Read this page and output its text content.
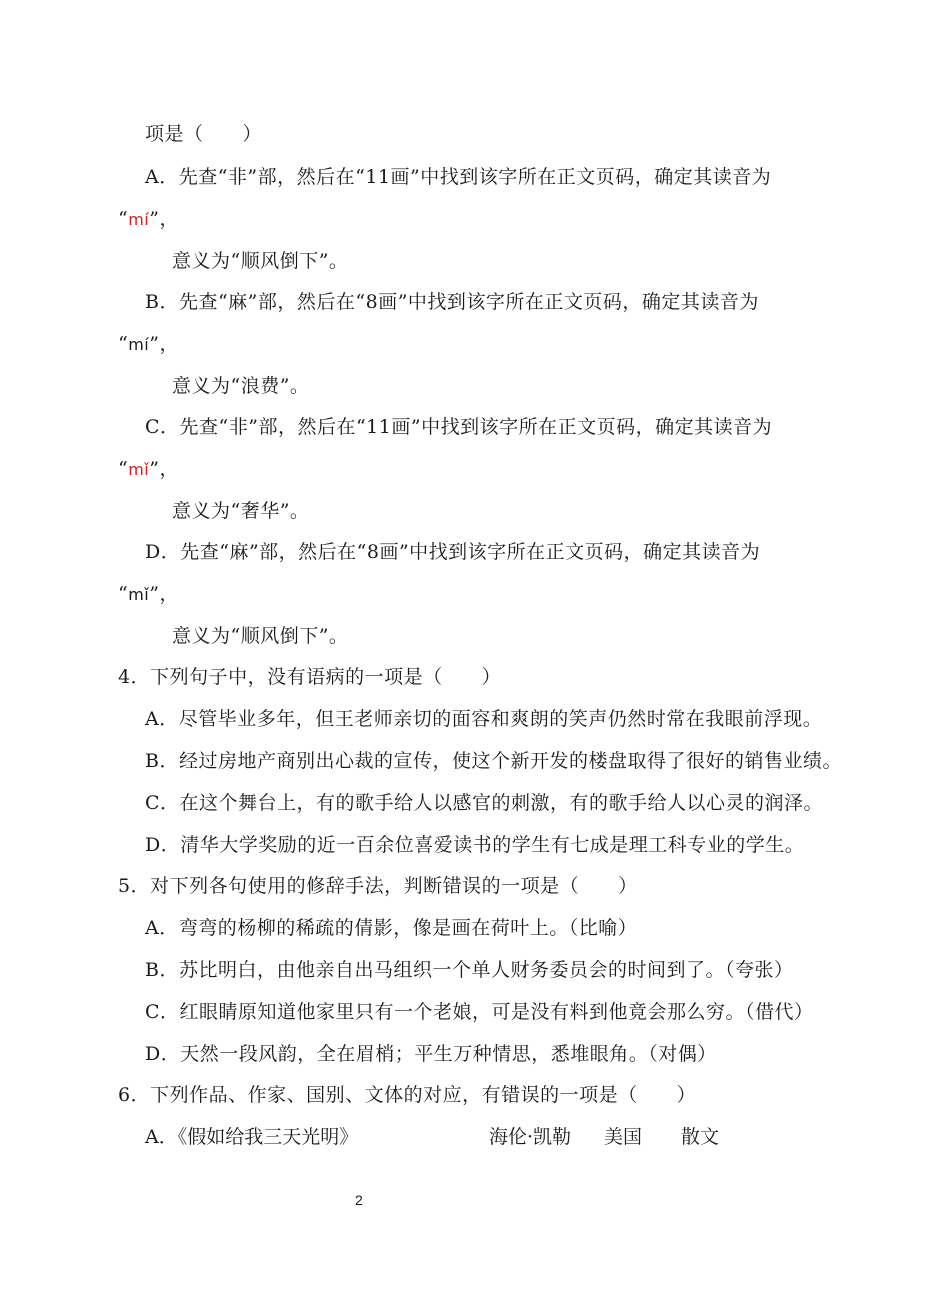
项是（　　）
A．先查“非”部，然后在“11画”中找到该字所在正文页码，确定其读音为
“mí”，
意义为“顺风倒下”。
B．先查“麻”部，然后在“8画”中找到该字所在正文页码，确定其读音为
“mí”，
意义为“浪费”。
C．先查“非”部，然后在“11画”中找到该字所在正文页码，确定其读音为
“mǐ”，
意义为“奢华”。
D．先查“麻”部，然后在“8画”中找到该字所在正文页码，确定其读音为
“mǐ”，
意义为“顺风倒下”。
4．下列句子中，没有语病的一项是（　　）
A．尽管毕业多年，但王老师亲切的面容和爽朗的笑声仍然时常在我眼前浮现。
B．经过房地产商别出心裁的宣传，使这个新开发的楼盘取得了很好的销售业绩。
C．在这个舞台上，有的歌手给人以感官的刺激，有的歌手给人以心灵的润泽。
D．清华大学奖励的近一百余位喜爱读书的学生有七成是理工科专业的学生。
5．对下列各句使用的修辞手法，判断错误的一项是（　　）
A．弯弯的杨柳的稀疏的倩影，像是画在荷叶上。（比喻）
B．苏比明白，由他亲自出马组织一个单人财务委员会的时间到了。（夸张）
C．红眼睛原知道他家里只有一个老娘，可是没有料到他竟会那么穷。（借代）
D．天然一段风韵，全在眉梢；平生万种情思，悉堆眼角。（对偶）
6．下列作品、作家、国别、文体的对应，有错误的一项是（　　）
A．《假如给我三天光明》	海伦·凯勒 美国 散文
2
